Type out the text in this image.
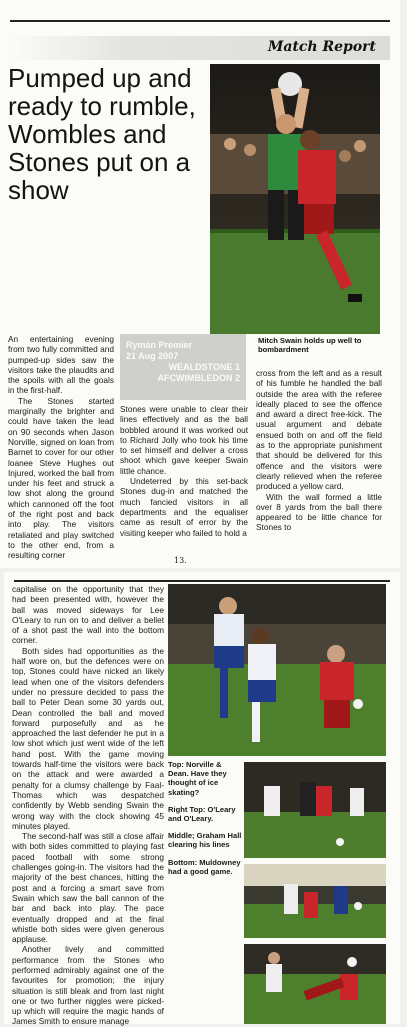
Match Report
Pumped up and ready to rumble, Wombles and Stones put on a show

An entertaining evening from two fully committed and pumped-up sides saw the visitors take the plaudits and the spoils with all the goals in the first-half.

The Stones started marginally the brighter and could have taken the lead on 90 seconds when Jason Norville, signed on loan from Barnet to cover for our other loanee Steve Hughes out Injured, worked the ball from under his feet and struck a low shot along the ground which cannoned off the foot of the right post and back into play. The visitors retaliated and play switched to the other end, from a resulting corner

Ryman Premier
21 Aug 2007
WEALDSTONE 1
AFCWIMBLEDON 2
Mitch Swain holds up well to bombardment

Stones were unable to clear their lines effectively and as the ball bobbled around it was worked out to Richard Jolly who took his time to set himself and deliver a cross shoot which gave keeper Swain little chance.

Undeterred by this set-back Stones dug-in and matched the much fancied visitors in all departments and the equaliser came as result of error by the visiting keeper who failed to hold a

cross from the left and as a result of his fumble he handled the ball outside the area with the referee ideally placed to see the offence and award a direct free-kick. The usual argument and debate ensued both on and off the field as to the appropriate punishment that should be delivered for this offence and the visitors were clearly relieved when the referee produced a yellow card.

With the wall formed a little over 8 yards from the ball there appeared to be little chance for Stones to

13.

capitalise on the opportunity that they had been presented with, however the ball was moved sideways for Lee O'Leary to run on to and deliver a bellet of a shot past the wall into the bottom corner.

Both sides had opportunities as the half wore on, but the defences were on top, Stones could have nicked an likely lead when one of the visitors defenders under no pressure decided to pass the ball to Peter Dean some 30 yards out, Dean controlled the ball and moved forward purposefully and as he approached the last defender he put in a low shot which just went wide of the left hand post. With the game moving towards half-time the visitors were back on the attack and were awarded a penalty for a clumsy challenge by Faal-Thomas which was despatched confidently by Webb sending Swain the wrong way with the clock showing 45 minutes played.

The second-half was still a close affair with both sides committed to playing fast paced football with some strong challenges going-in. The visitors had the majority of the best chances, hitting the post and a forcing a smart save from Swain which saw the ball cannon of the bar and back into play. The pace eventually dropped and at the final whistle both sides were given generous applause.

Another lively and committed performance from the Stones who performed admirably against one of the favourites for promotion; the injury situation is still bleak and from last night one or two further niggles were picked-up which will require the magic hands of James Smith to ensure manage

Top: Norville & Dean. Have they thought of ice skating?

Right Top: O'Leary and O'Leary.

Middle; Graham Hall clearing his lines

Bottom: Muldowney had a good game.
